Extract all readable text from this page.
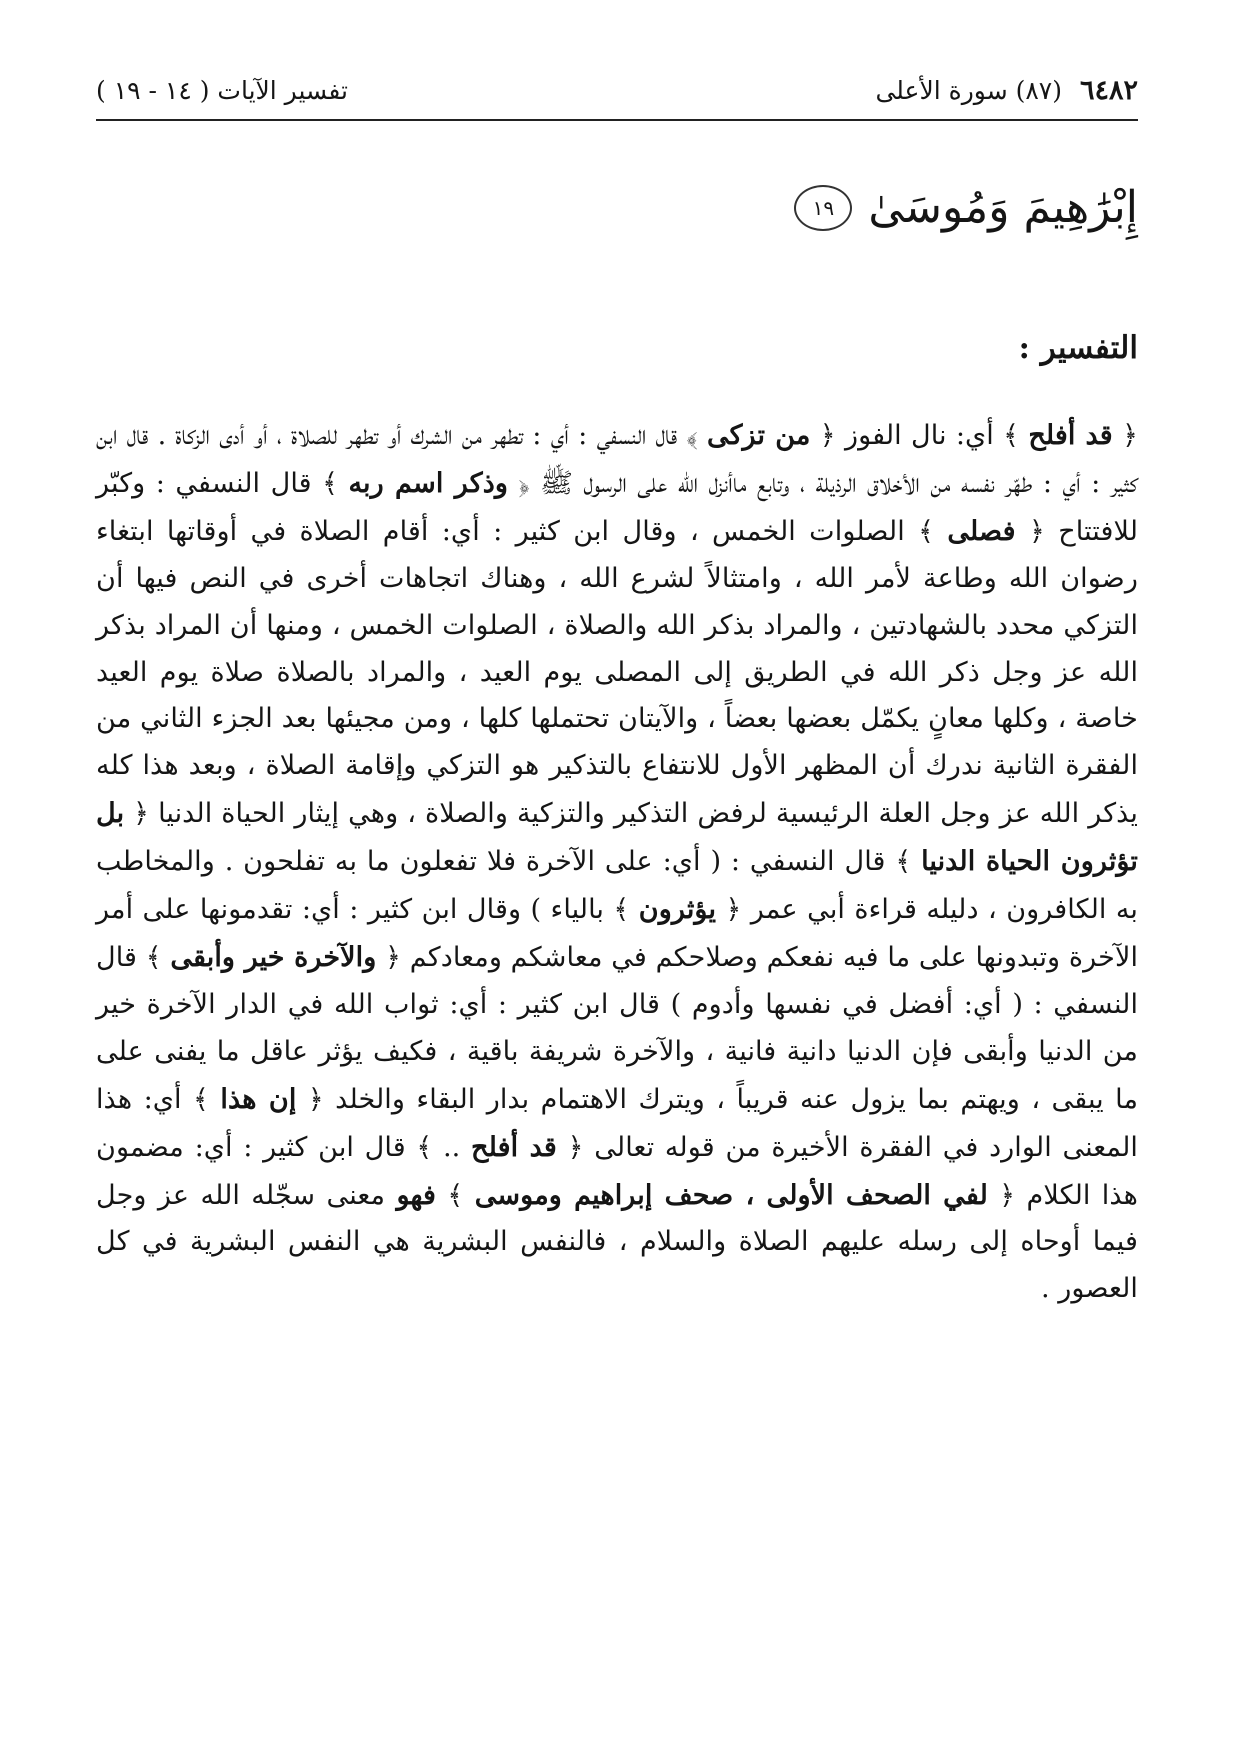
٦٤٨٢
(٨٧) سورة الأعلى
تفسير الآيات ( ١٤ - ١٩ )
إِبْرَٰهِيمَ وَمُوسَىٰ
١٩
التفسير :

﴿ قد أفلح ﴾ أي: نال الفوز ﴿ من تزكى ﴾ قال النسفي : أي : تطهر من الشرك أو تطهر للصلاة ، أو أدى الزكاة . قال ابن كثير : أي : طهّر نفسه من الأخلاق الرذيلة ، وتابع ماأنزل الله على الرسول ﷺ ﴿ وذكر اسم ربه ﴾ قال النسفي : وكبّر للافتتاح ﴿ فصلى ﴾ الصلوات الخمس ، وقال ابن كثير : أي: أقام الصلاة في أوقاتها ابتغاء رضوان الله وطاعة لأمر الله ، وامتثالاً لشرع الله ، وهناك اتجاهات أخرى في النص فيها أن التزكي محدد بالشهادتين ، والمراد بذكر الله والصلاة ، الصلوات الخمس ، ومنها أن المراد بذكر الله عز وجل ذكر الله في الطريق إلى المصلى يوم العيد ، والمراد بالصلاة صلاة يوم العيد خاصة ، وكلها معانٍ يكمّل بعضها بعضاً ، والآيتان تحتملها كلها ، ومن مجيئها بعد الجزء الثاني من الفقرة الثانية ندرك أن المظهر الأول للانتفاع بالتذكير هو التزكي وإقامة الصلاة ، وبعد هذا كله يذكر الله عز وجل العلة الرئيسية لرفض التذكير والتزكية والصلاة ، وهي إيثار الحياة الدنيا ﴿ بل تؤثرون الحياة الدنيا ﴾ قال النسفي : ( أي: على الآخرة فلا تفعلون ما به تفلحون . والمخاطب به الكافرون ، دليله قراءة أبي عمر ﴿ يؤثرون ﴾ بالياء ) وقال ابن كثير : أي: تقدمونها على أمر الآخرة وتبدونها على ما فيه نفعكم وصلاحكم في معاشكم ومعادكم ﴿ والآخرة خير وأبقى ﴾ قال النسفي : ( أي: أفضل في نفسها وأدوم ) قال ابن كثير : أي: ثواب الله في الدار الآخرة خير من الدنيا وأبقى فإن الدنيا دانية فانية ، والآخرة شريفة باقية ، فكيف يؤثر عاقل ما يفنى على ما يبقى ، ويهتم بما يزول عنه قريباً ، ويترك الاهتمام بدار البقاء والخلد ﴿ إن هذا ﴾ أي: هذا المعنى الوارد في الفقرة الأخيرة من قوله تعالى ﴿ قد أفلح .. ﴾ قال ابن كثير : أي: مضمون هذا الكلام ﴿ لفي الصحف الأولى ، صحف إبراهيم وموسى ﴾ فهو معنى سجّله الله عز وجل فيما أوحاه إلى رسله عليهم الصلاة والسلام ، فالنفس البشرية هي النفس البشرية في كل العصور .
